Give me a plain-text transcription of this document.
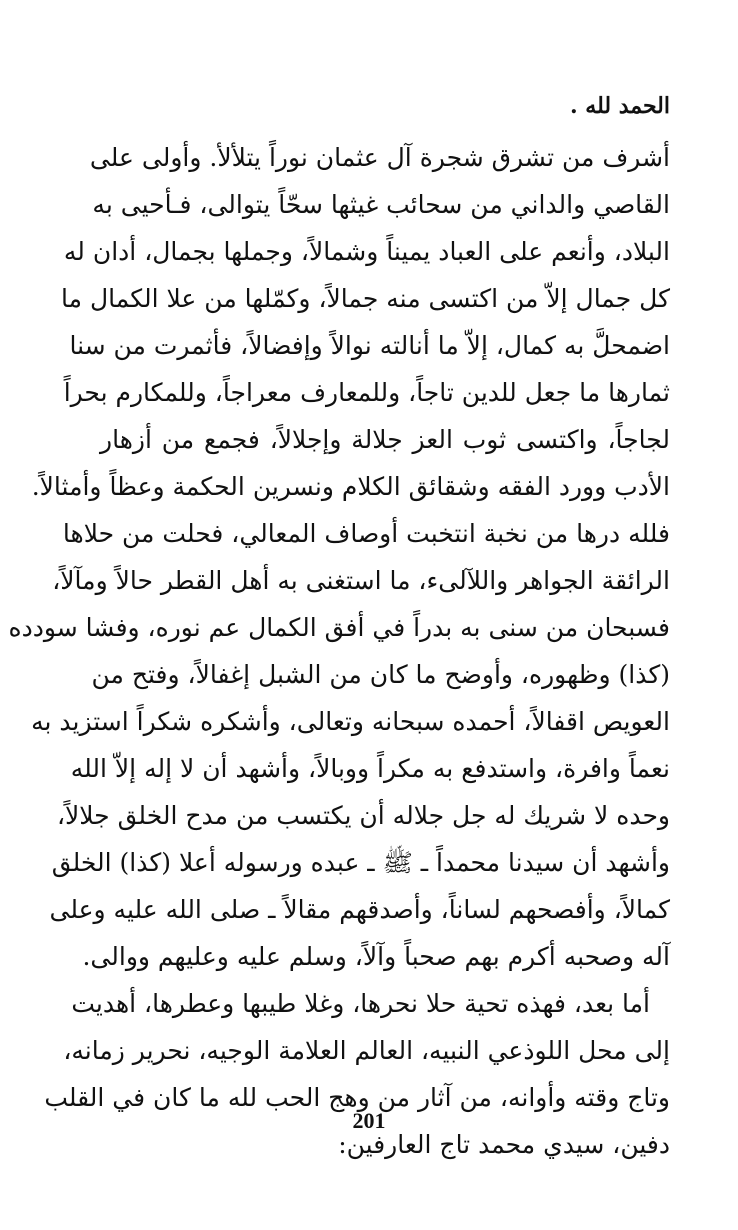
الحمد لله .
أشرف من تشرق شجرة آل عثمان نوراً يتلألأ. وأولى على
القاصي والداني من سحائب غيثها سحّاً يتوالى، فـأحيى به
البلاد، وأنعم على العباد يميناً وشمالاً، وجملها بجمال، أدان له
كل جمال إلاّ من اكتسى منه جمالاً، وكمّلها من علا الكمال ما
اضمحلَّ به كمال، إلاّ ما أنالته نوالاً وإفضالاً، فأثمرت من سنا
ثمارها ما جعل للدين تاجاً، وللمعارف معراجاً، وللمكارم بحراً
لجاجاً، واكتسى ثوب العز جلالة وإجلالاً، فجمع من أزهار
الأدب وورد الفقه وشقائق الكلام ونسرين الحكمة وعظاً وأمثالاً.
فلله درها من نخبة انتخبت أوصاف المعالي، فحلت من حلاها
الرائقة الجواهر واللآلىء، ما استغنى به أهل القطر حالاً ومآلاً،
فسبحان من سنى به بدراً في أفق الكمال عم نوره، وفشا سودده
(كذا) وظهوره، وأوضح ما كان من الشبل إغفالاً، وفتح من
العويص اقفالاً، أحمده سبحانه وتعالى، وأشكره شكراً استزيد به
نعماً وافرة، واستدفع به مكراً ووبالاً، وأشهد أن لا إله إلاّ الله
وحده لا شريك له جل جلاله أن يكتسب من مدح الخلق جلالاً،
وأشهد أن سيدنا محمداً ـ ﷺ ـ عبده ورسوله أعلا (كذا) الخلق
كمالاً، وأفصحهم لساناً، وأصدقهم مقالاً ـ صلى الله عليه وعلى
آله وصحبه أكرم بهم صحباً وآلاً، وسلم عليه وعليهم ووالى.
أما بعد، فهذه تحية حلا نحرها، وغلا طيبها وعطرها، أهديت
إلى محل اللوذعي النبيه، العالم العلامة الوجيه، نحرير زمانه،
وتاج وقته وأوانه، من آثار من وهج الحب لله ما كان في القلب
دفين، سيدي محمد تاج العارفين:
201
